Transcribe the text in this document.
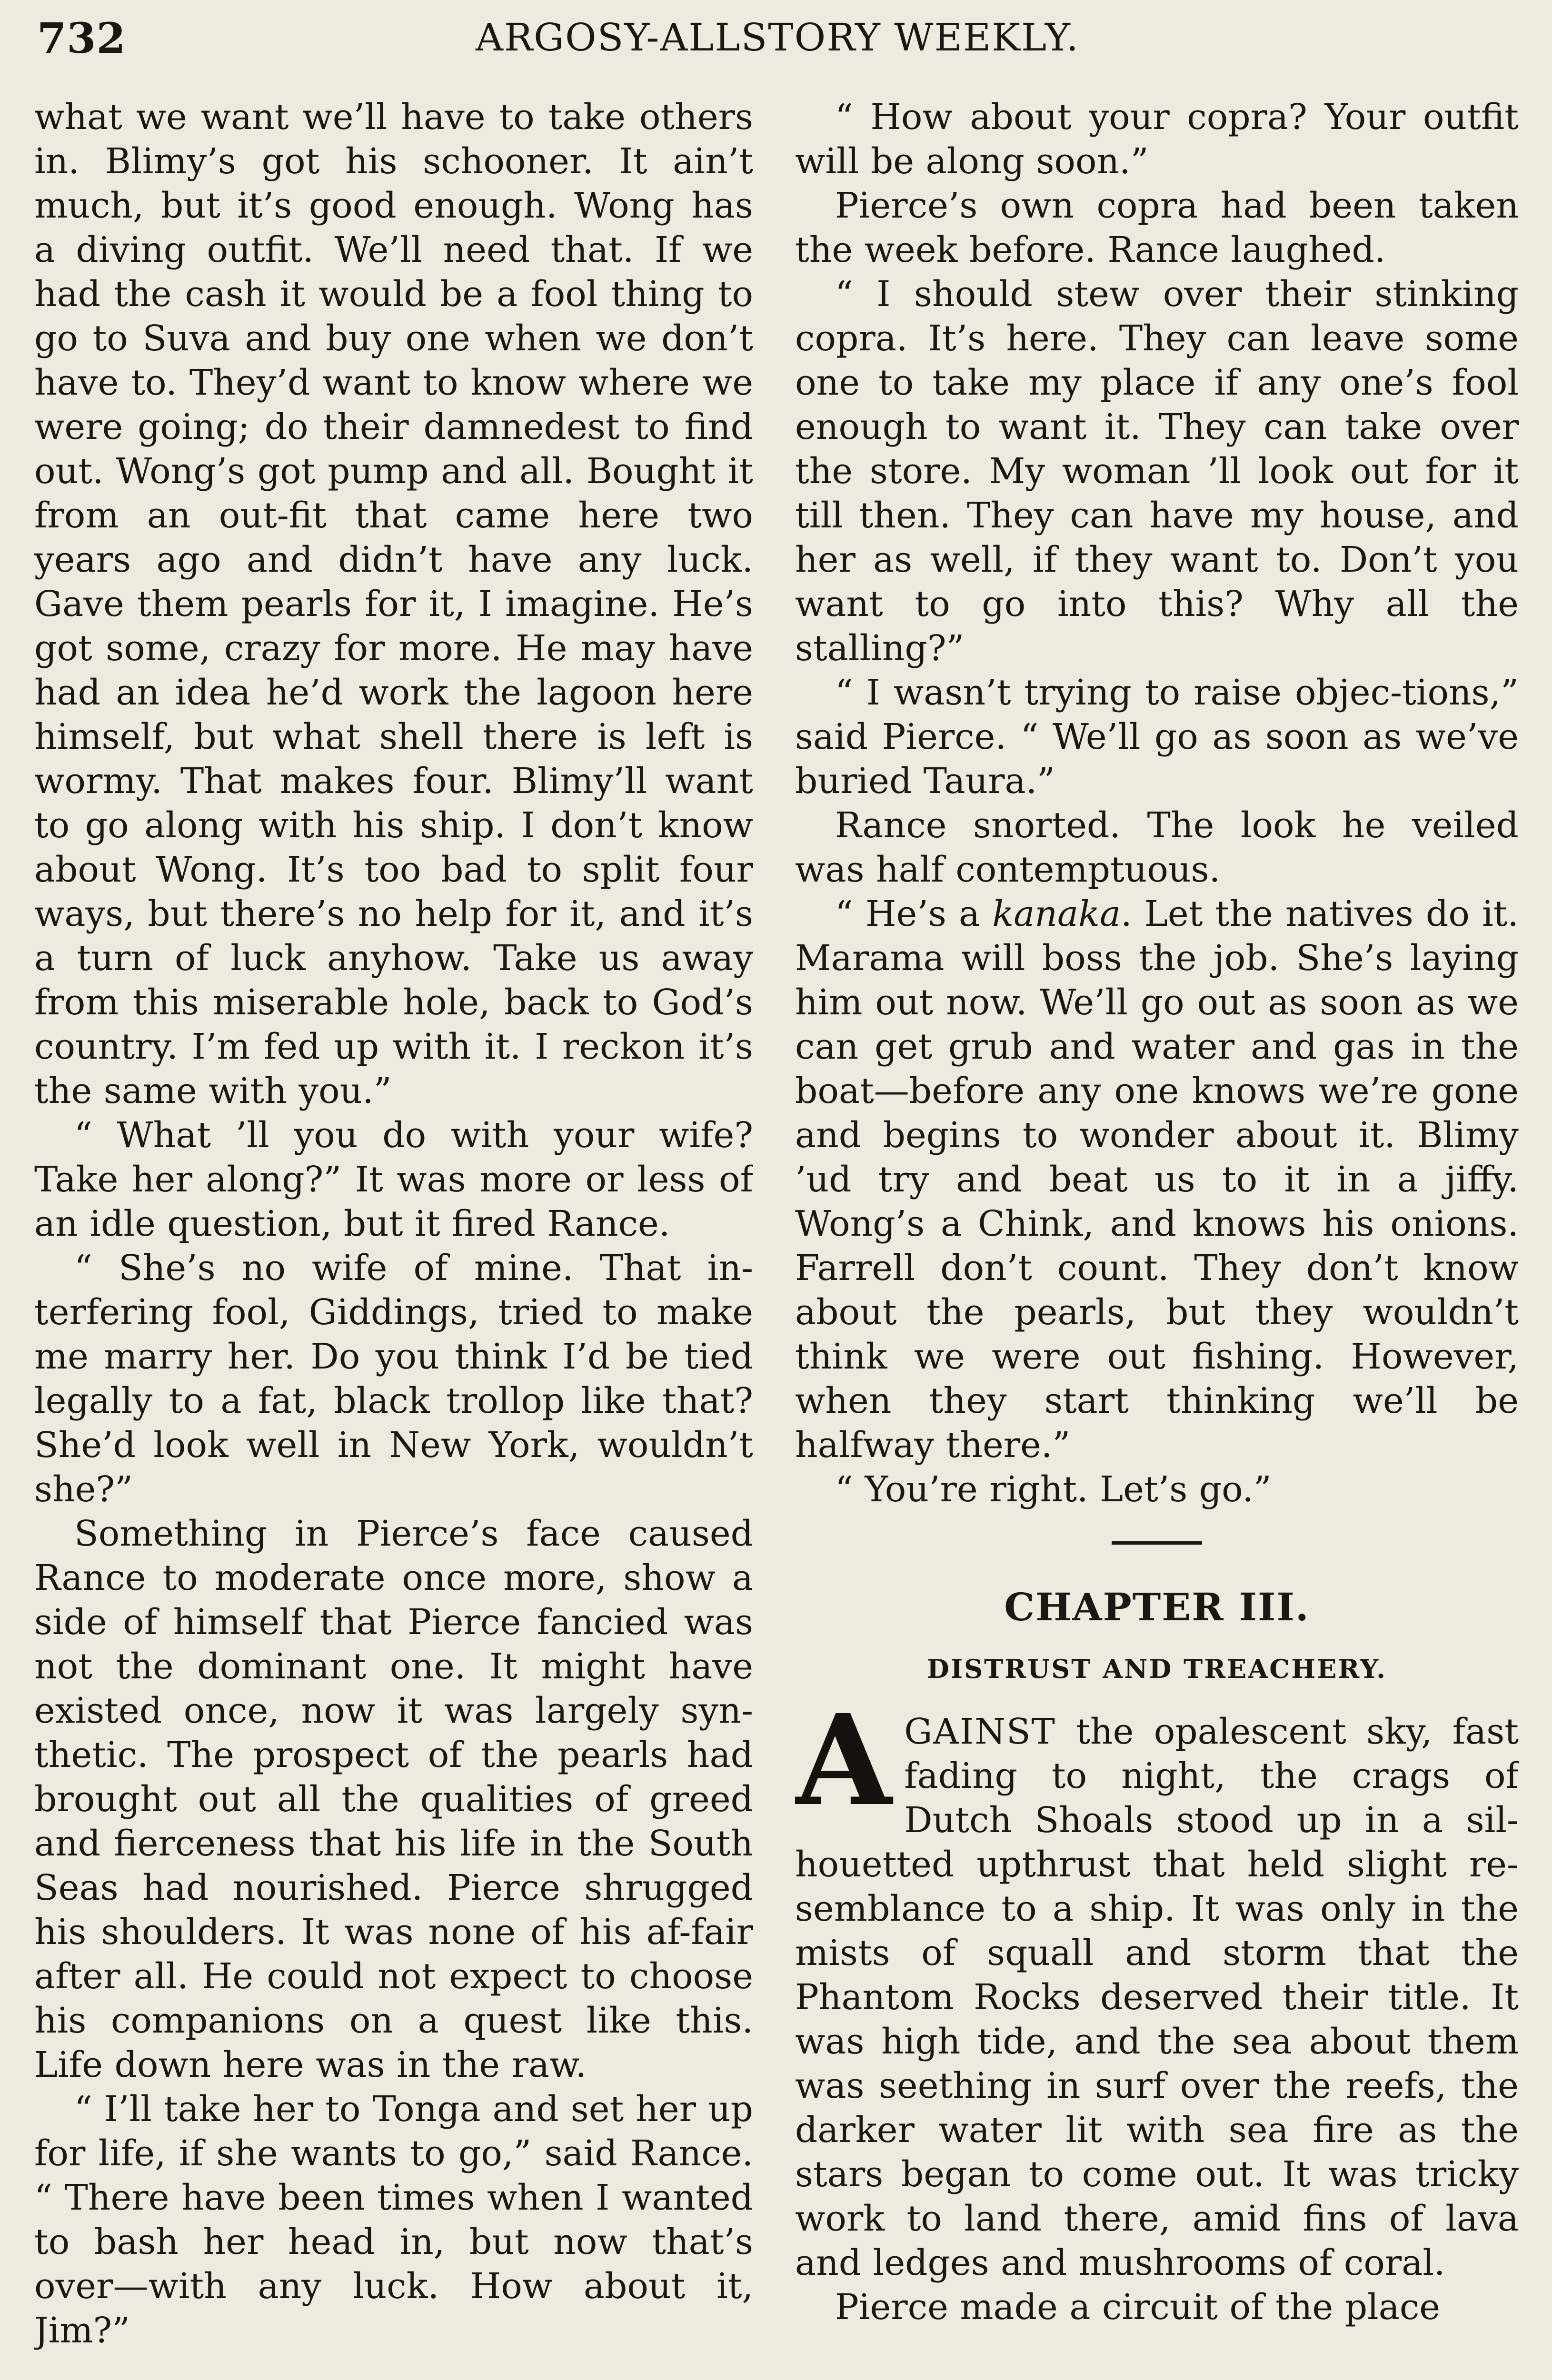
732	ARGOSY-ALLSTORY WEEKLY.

what we want we’ll have to take others in. Blimy’s got his schooner. It ain’t much, but it’s good enough. Wong has a diving outfit. We’ll need that. If we had the cash it would be a fool thing to go to Suva and buy one when we don’t have to. They’d want to know where we were going; do their damnedest to find out. Wong’s got pump and all. Bought it from an out-fit that came here two years ago and didn’t have any luck. Gave them pearls for it, I imagine. He’s got some, crazy for more. He may have had an idea he’d work the lagoon here himself, but what shell there is left is wormy. That makes four. Blimy’ll want to go along with his ship. I don’t know about Wong. It’s too bad to split four ways, but there’s no help for it, and it’s a turn of luck anyhow. Take us away from this miserable hole, back to God’s country. I’m fed up with it. I reckon it’s the same with you.”

“ What ’ll you do with your wife? Take her along?” It was more or less of an idle question, but it fired Rance.

“ She’s no wife of mine. That in-terfering fool, Giddings, tried to make me marry her. Do you think I’d be tied legally to a fat, black trollop like that? She’d look well in New York, wouldn’t she?”

Something in Pierce’s face caused Rance to moderate once more, show a side of himself that Pierce fancied was not the dominant one. It might have existed once, now it was largely syn-thetic. The prospect of the pearls had brought out all the qualities of greed and fierceness that his life in the South Seas had nourished. Pierce shrugged his shoulders. It was none of his af-fair after all. He could not expect to choose his companions on a quest like this. Life down here was in the raw.

“ I’ll take her to Tonga and set her up for life, if she wants to go,” said Rance. “ There have been times when I wanted to bash her head in, but now that’s over—with any luck. How about it, Jim?”

“ How about your copra? Your outfit will be along soon.”

Pierce’s own copra had been taken the week before. Rance laughed.

“ I should stew over their stinking copra. It’s here. They can leave some one to take my place if any one’s fool enough to want it. They can take over the store. My woman ’ll look out for it till then. They can have my house, and her as well, if they want to. Don’t you want to go into this? Why all the stalling?”

“ I wasn’t trying to raise objec-tions,” said Pierce. “ We’ll go as soon as we’ve buried Taura.”

Rance snorted. The look he veiled was half contemptuous.

“ He’s a kanaka. Let the natives do it. Marama will boss the job. She’s laying him out now. We’ll go out as soon as we can get grub and water and gas in the boat—before any one knows we’re gone and begins to wonder about it. Blimy ’ud try and beat us to it in a jiffy. Wong’s a Chink, and knows his onions. Farrell don’t count. They don’t know about the pearls, but they wouldn’t think we were out fishing. However, when they start thinking we’ll be halfway there.”

“ You’re right. Let’s go.”

CHAPTER III.
DISTRUST AND TREACHERY.

AGAINST the opalescent sky, fast fading to night, the crags of Dutch Shoals stood up in a sil-houetted upthrust that held slight re-semblance to a ship. It was only in the mists of squall and storm that the Phantom Rocks deserved their title. It was high tide, and the sea about them was seething in surf over the reefs, the darker water lit with sea fire as the stars began to come out. It was tricky work to land there, amid fins of lava and ledges and mushrooms of coral.

Pierce made a circuit of the place
